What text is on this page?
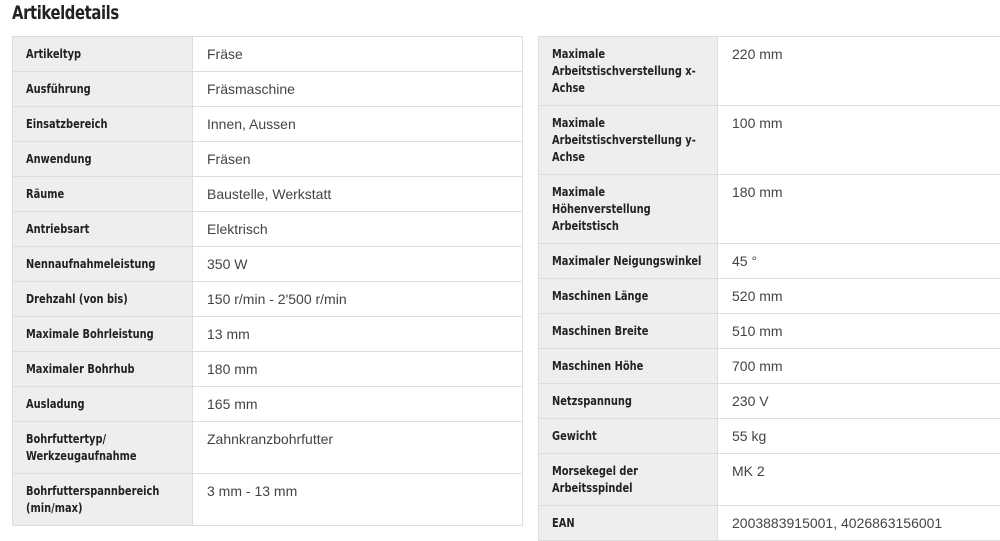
Artikeldetails
Artikeltyp	Fräse
Ausführung	Fräsmaschine
Einsatzbereich	Innen, Aussen
Anwendung	Fräsen
Räume	Baustelle, Werkstatt
Antriebsart	Elektrisch
Nennaufnahmeleistung	350 W
Drehzahl (von bis)	150 r/min - 2'500 r/min
Maximale Bohrleistung	13 mm
Maximaler Bohrhub	180 mm
Ausladung	165 mm
Bohrfuttertyp/ Werkzeugaufnahme	Zahnkranzbohrfutter
Bohrfutterspannbereich (min/max)	3 mm - 13 mm
Maximale Arbeitstischverstellung x-Achse	220 mm
Maximale Arbeitstischverstellung y-Achse	100 mm
Maximale Höhenverstellung Arbeitstisch	180 mm
Maximaler Neigungswinkel	45 °
Maschinen Länge	520 mm
Maschinen Breite	510 mm
Maschinen Höhe	700 mm
Netzspannung	230 V
Gewicht	55 kg
Morsekegel der Arbeitsspindel	MK 2
EAN	2003883915001, 4026863156001
